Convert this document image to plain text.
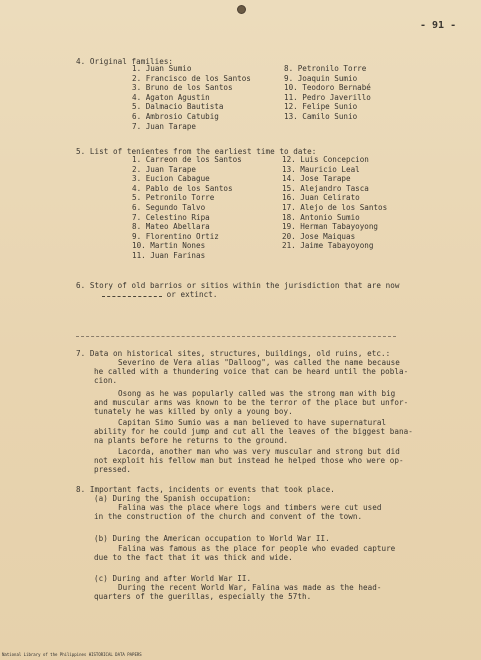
- 91 -
4. Original families:
1. Juan Sumio
2. Francisco de los Santos
3. Bruno de los Santos
4. Agaton Agustin
5. Dalmacio Bautista
6. Ambrosio Catubig
7. Juan Tarape
8. Petronilo Torre
9. Joaquin Sumio
10. Teodoro Bernabé
11. Pedro Javerillo
12. Felipe Sunio
13. Camilo Sunio
5. List of tenientes from the earliest time to date:
1. Carreon de los Santos
2. Juan Tarape
3. Eucion Cabague
4. Pablo de los Santos
5. Petronilo Torre
6. Segundo Talvo
7. Celestino Ripa
8. Mateo Abellara
9. Florentino Ortiz
10. Martin Nones
11. Juan Farinas
12. Luis Concepcion
13. Mauricio Leal
14. Jose Tarape
15. Alejandro Tasca
16. Juan Celirato
17. Alejo de los Santos
18. Antonio Sumio
19. Herman Tabayoyong
20. Jose Maiquas
21. Jaime Tabayoyong
6. Story of old barrios or sitios within the jurisdiction that are now
or extinct.
7. Data on historical sites, structures, buildings, old ruins, etc.:
Severino de Vera alias "Dalloog", was called the name because
he called with a thundering voice that can be heard until the pobla-
cion.
Osong as he was popularly called was the strong man with big
and muscular arms was known to be the terror of the place but unfor-
tunately he was killed by only a young boy.
Capitan Simo Sumio was a man believed to have supernatural
ability for he could jump and cut all the leaves of the biggest bana-
na plants before he returns to the ground.
Lacorda, another man who was very muscular and strong but did
not exploit his fellow man but instead he helped those who were op-
pressed.
8. Important facts, incidents or events that took place.
(a) During the Spanish occupation:
Falina was the place where logs and timbers were cut used
in the construction of the church and convent of the town.
(b) During the American occupation to World War II.
Falina was famous as the place for people who evaded capture
due to the fact that it was thick and wide.
(c) During and after World War II.
During the recent World War, Falina was made as the head-
quarters of the guerillas, especially the 57th.
National Library of the Philippines HISTORICAL DATA PAPERS
